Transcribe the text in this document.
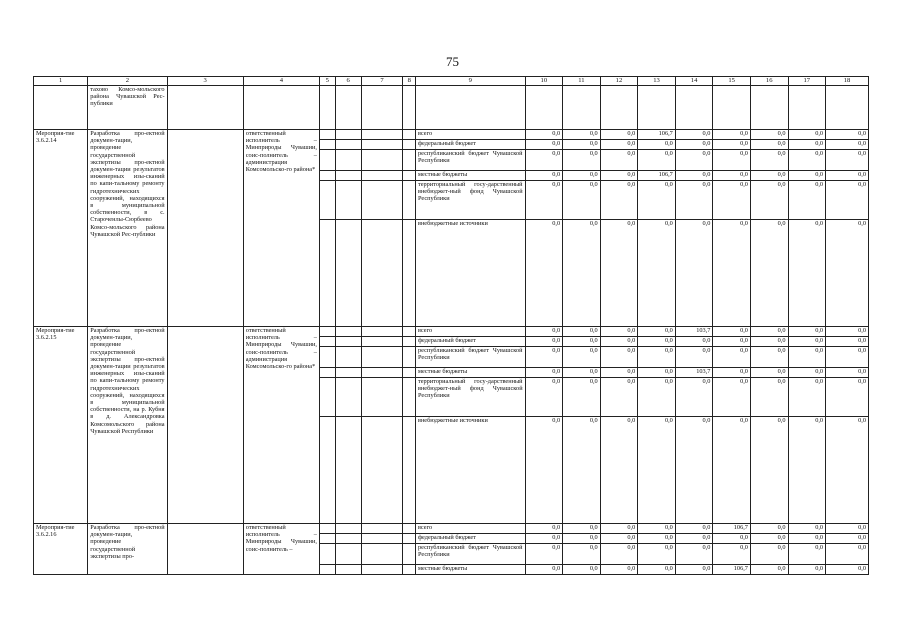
75
1	2	3	4	5	6	7	8	9	10	11	12	13	14	15	16	17	18
	тахово Комсо-мольского района Чувашской Рес-публики																
Мероприя-тие 3.6.2.14	Разработка про-ектной докумен-тации, проведение государственной экспертизы про-ектной докумен-тации результатов инженерных изы-сканий по капи-тальному ремонту гидротехнических сооружений, находящихся в муниципальной собственности, в с. Староченлы-Сюрбеево Комсо-мольского района Чувашской Рес-публики		ответственный исполнитель – Минприроды Чувашии, соис-полнитель – администрация Комсомольско-го района*					всего	0,0	0,0	0,0	106,7	0,0	0,0	0,0	0,0	0,0
								федеральный бюджет	0,0	0,0	0,0	0,0	0,0	0,0	0,0	0,0	0,0
								республиканский бюджет Чувашской Республики	0,0	0,0	0,0	0,0	0,0	0,0	0,0	0,0	0,0
								местные бюджеты	0,0	0,0	0,0	106,7	0,0	0,0	0,0	0,0	0,0
								территориальный госу-дарственный внебюджет-ный фонд Чувашской Республики	0,0	0,0	0,0	0,0	0,0	0,0	0,0	0,0	0,0
								внебюджетные источники	0,0	0,0	0,0	0,0	0,0	0,0	0,0	0,0	0,0
Мероприя-тие 3.6.2.15	Разработка про-ектной докумен-тации, проведение государственной экспертизы про-ектной докумен-тации результатов инженерных изы-сканий по капи-тальному ремонту гидротехнических сооружений, находящихся в муниципальной собственности, на р. Кубня в д. Александровка Комсомольского района Чувашской Республики		ответственный исполнитель – Минприроды Чувашии, соис-полнитель – администрация Комсомольско-го района*					всего	0,0	0,0	0,0	0,0	103,7	0,0	0,0	0,0	0,0
								федеральный бюджет	0,0	0,0	0,0	0,0	0,0	0,0	0,0	0,0	0,0
								республиканский бюджет Чувашской Республики	0,0	0,0	0,0	0,0	0,0	0,0	0,0	0,0	0,0
								местные бюджеты	0,0	0,0	0,0	0,0	103,7	0,0	0,0	0,0	0,0
								территориальный госу-дарственный внебюджет-ный фонд Чувашской Республики	0,0	0,0	0,0	0,0	0,0	0,0	0,0	0,0	0,0
								внебюджетные источники	0,0	0,0	0,0	0,0	0,0	0,0	0,0	0,0	0,0
Мероприя-тие 3.6.2.16	Разработка про-ектной докумен-тации, проведение государственной экспертизы про-		ответственный исполнитель – Минприроды Чувашии, соис-полнитель –					всего	0,0	0,0	0,0	0,0	0,0	106,7	0,0	0,0	0,0
								федеральный бюджет	0,0	0,0	0,0	0,0	0,0	0,0	0,0	0,0	0,0
								республиканский бюджет Чувашской Республики	0,0	0,0	0,0	0,0	0,0	0,0	0,0	0,0	0,0
								местные бюджеты	0,0	0,0	0,0	0,0	0,0	106,7	0,0	0,0	0,0
